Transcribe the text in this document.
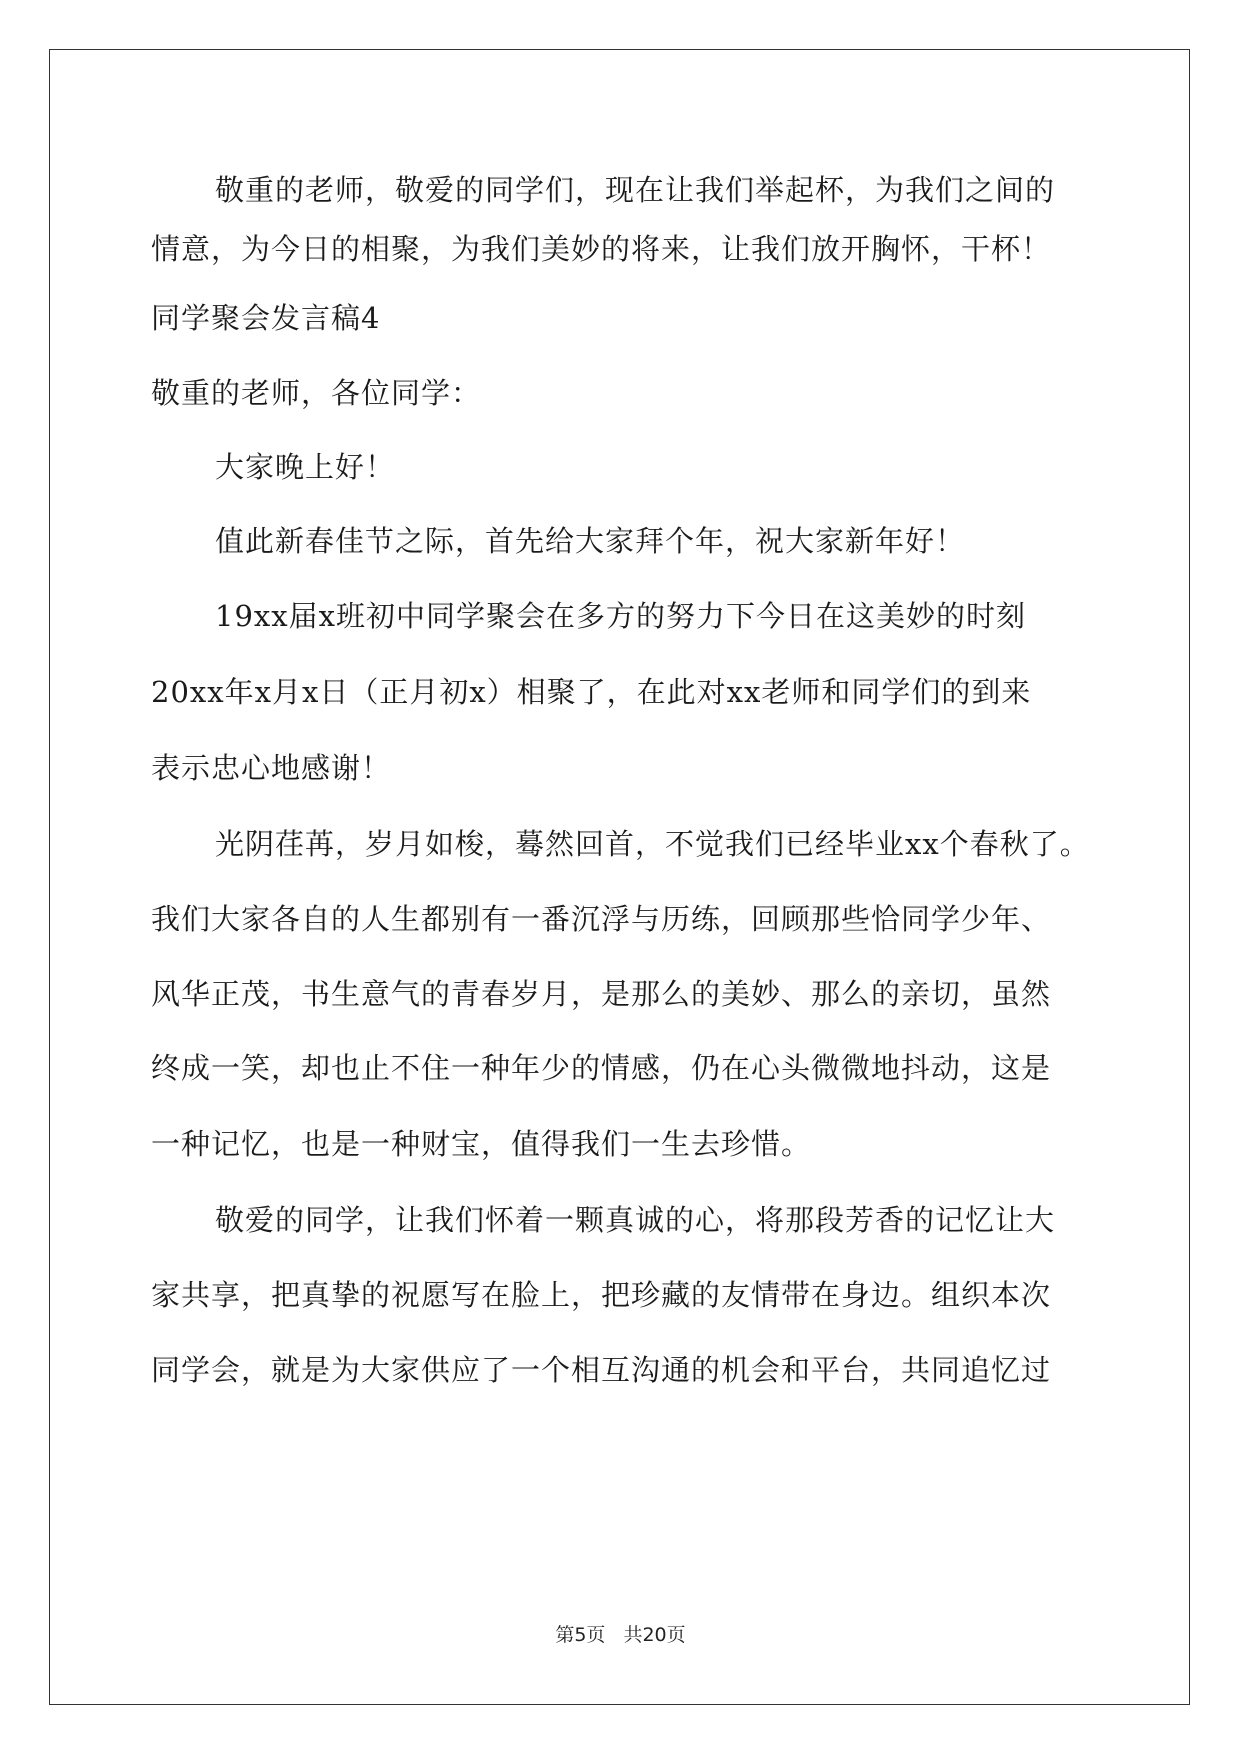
敬重的老师，敬爱的同学们，现在让我们举起杯，为我们之间的
情意，为今日的相聚，为我们美妙的将来，让我们放开胸怀，干杯！
同学聚会发言稿4
敬重的老师，各位同学：
大家晚上好！
值此新春佳节之际，首先给大家拜个年，祝大家新年好！
19xx届x班初中同学聚会在多方的努力下今日在这美妙的时刻
20xx年x月x日（正月初x）相聚了，在此对xx老师和同学们的到来
表示忠心地感谢！
光阴荏苒，岁月如梭，蓦然回首，不觉我们已经毕业xx个春秋了。
我们大家各自的人生都别有一番沉浮与历练，回顾那些恰同学少年、
风华正茂，书生意气的青春岁月，是那么的美妙、那么的亲切，虽然
终成一笑，却也止不住一种年少的情感，仍在心头微微地抖动，这是
一种记忆，也是一种财宝，值得我们一生去珍惜。
敬爱的同学，让我们怀着一颗真诚的心，将那段芳香的记忆让大
家共享，把真挚的祝愿写在脸上，把珍藏的友情带在身边。组织本次
同学会，就是为大家供应了一个相互沟通的机会和平台，共同追忆过
第5页 共20页
